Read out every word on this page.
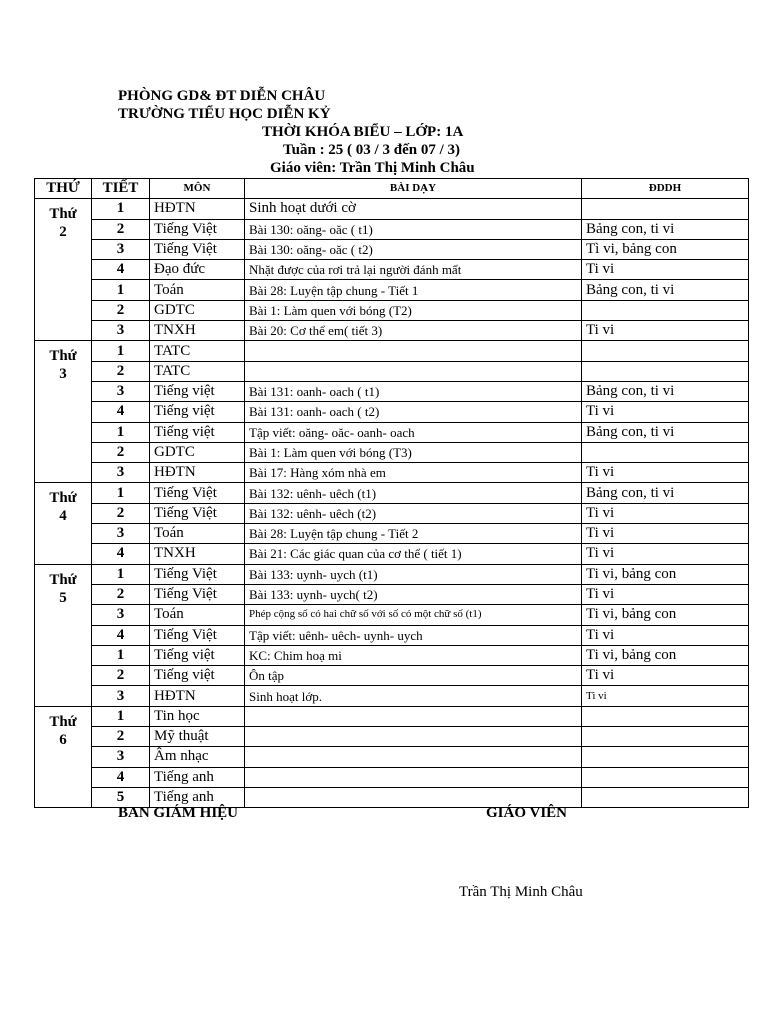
PHÒNG GD& ĐT DIỄN CHÂU
TRƯỜNG TIỂU HỌC DIỄN KỶ
THỜI KHÓA BIỂU – LỚP: 1A
Tuần : 25 ( 03 / 3 đến 07 / 3)
Giáo viên: Trần Thị Minh Châu
THỨ	TIẾT	MÔN	BÀI DẠY	ĐDDH
Thứ
2	1	HĐTN	Sinh hoạt dưới cờ	
	2	Tiếng Việt	Bài 130: oăng- oăc ( t1)	Bảng con, ti vi
	3	Tiếng Việt	Bài 130: oăng- oăc ( t2)	Tì vi, bảng con
	4	Đạo đức	Nhặt được của rơi trả lại người đánh mất	Ti vi
	1	Toán	Bài 28: Luyện tập chung - Tiết 1	Bảng con, ti vi
	2	GDTC	Bài 1: Làm quen với bóng (T2)	
	3	TNXH	Bài 20: Cơ thể em( tiết 3)	Ti vi
Thứ
3	1	TATC		
	2	TATC		
	3	Tiếng việt	Bài 131: oanh- oach ( t1)	Bảng con, ti vi
	4	Tiếng việt	Bài 131: oanh- oach ( t2)	Ti vi
	1	Tiếng việt	Tập viết: oăng- oăc- oanh- oach	Bảng con, ti vi
	2	GDTC	Bài 1: Làm quen với bóng (T3)	
	3	HĐTN	Bài 17: Hàng xóm nhà em	Ti vi
Thứ
4	1	Tiếng Việt	Bài 132: uênh- uêch (t1)	Bảng con, ti vi
	2	Tiếng Việt	Bài 132: uênh- uêch (t2)	Ti vi
	3	Toán	Bài 28: Luyện tập chung - Tiết 2	Ti vi
	4	TNXH	Bài 21: Các giác quan của cơ thể ( tiết 1)	Ti vi
Thứ
5	1	Tiếng Việt	Bài 133: uynh- uych (t1)	Ti vi, bảng con
	2	Tiếng Việt	Bài 133: uynh- uych( t2)	Ti vi
	3	Toán	Phép cộng số có hai chữ số với số có một chữ số (t1)	Ti vi, bảng con
	4	Tiếng Việt	Tập viết: uênh- uêch- uynh- uych	Ti vi
	1	Tiếng việt	KC: Chim hoạ mi	Ti vi, bảng con
	2	Tiếng việt	Ôn tập	Ti vi
	3	HĐTN	Sinh hoạt lớp.	Ti vi
Thứ
6	1	Tin học		
	2	Mỹ thuật		
	3	Âm nhạc		
	4	Tiếng anh		
	5	Tiếng anh		
BAN GIÁM HIỆU	GIÁO VIÊN
Trần Thị Minh Châu
